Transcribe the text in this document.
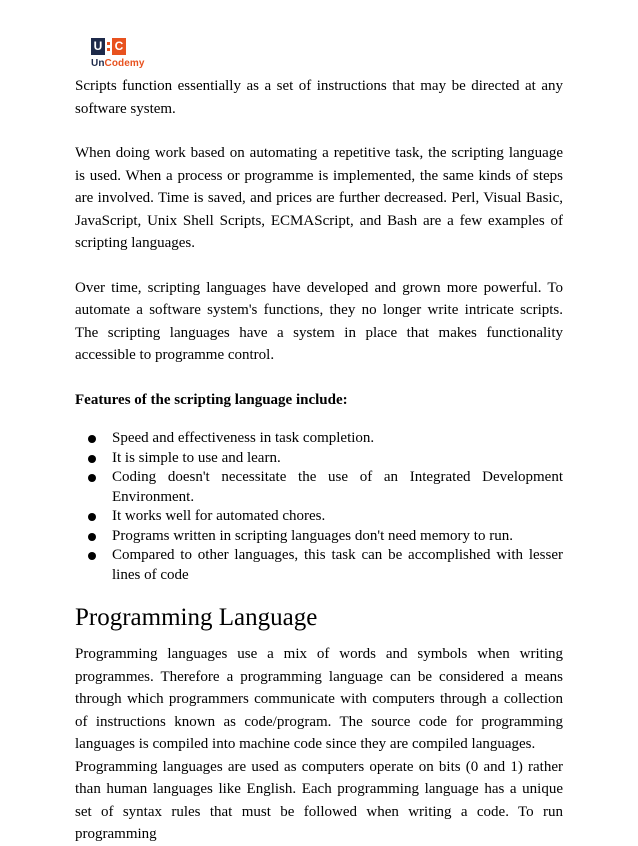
U C
UnCodemy

Scripts function essentially as a set of instructions that may be directed at any software system.

When doing work based on automating a repetitive task, the scripting language is used. When a process or programme is implemented, the same kinds of steps are involved. Time is saved, and prices are further decreased. Perl, Visual Basic, JavaScript, Unix Shell Scripts, ECMAScript, and Bash are a few examples of scripting languages.

Over time, scripting languages have developed and grown more powerful. To automate a software system's functions, they no longer write intricate scripts. The scripting languages have a system in place that makes functionality accessible to programme control.

Features of the scripting language include:

Speed and effectiveness in task completion.
It is simple to use and learn.
Coding doesn't necessitate the use of an Integrated Development Environment.
It works well for automated chores.
Programs written in scripting languages don't need memory to run.
Compared to other languages, this task can be accomplished with lesser lines of code
Programming Language

Programming languages use a mix of words and symbols when writing programmes. Therefore a programming language can be considered a means through which programmers communicate with computers through a collection of instructions known as code/program. The source code for programming languages is compiled into machine code since they are compiled languages.

Programming languages are used as computers operate on bits (0 and 1) rather than human languages like English. Each programming language has a unique set of syntax rules that must be followed when writing a code. To run programming
